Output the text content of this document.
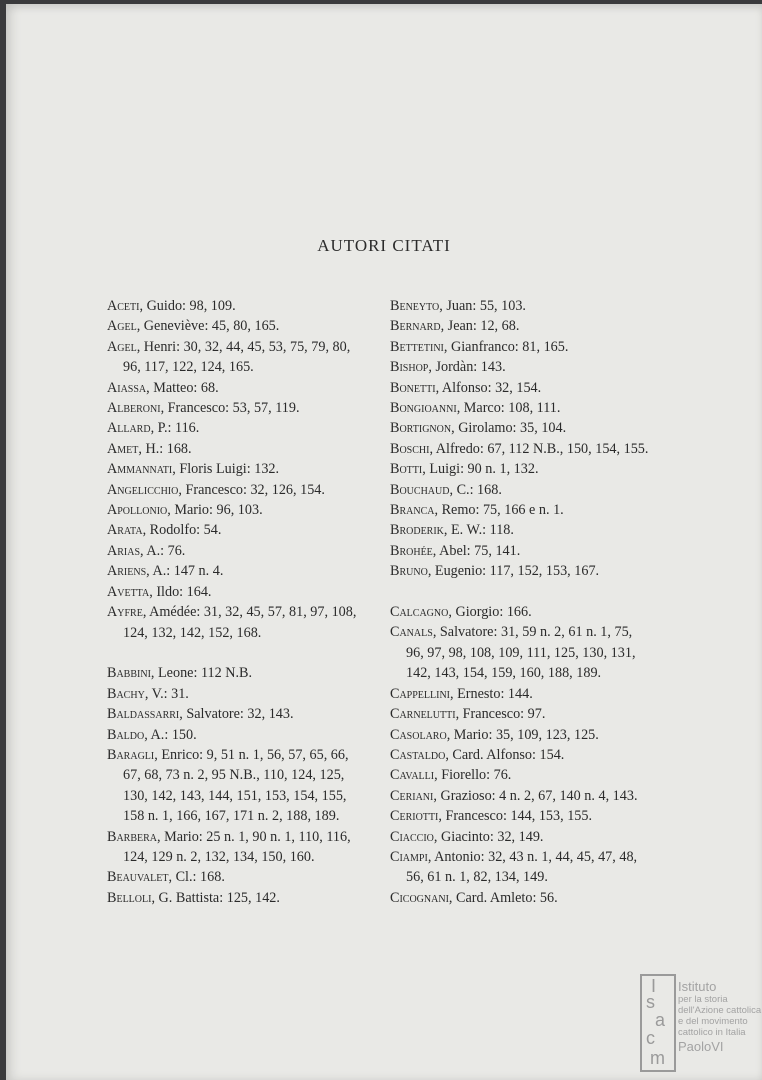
AUTORI CITATI
Aceti, Guido: 98, 109.
Agel, Geneviève: 45, 80, 165.
Agel, Henri: 30, 32, 44, 45, 53, 75, 79, 80, 96, 117, 122, 124, 165.
Aiassa, Matteo: 68.
Alberoni, Francesco: 53, 57, 119.
Allard, P.: 116.
Amet, H.: 168.
Ammannati, Floris Luigi: 132.
Angelicchio, Francesco: 32, 126, 154.
Apollonio, Mario: 96, 103.
Arata, Rodolfo: 54.
Arias, A.: 76.
Ariens, A.: 147 n. 4.
Avetta, Ildo: 164.
Ayfre, Amédée: 31, 32, 45, 57, 81, 97, 108, 124, 132, 142, 152, 168.
Babbini, Leone: 112 N.B.
Bachy, V.: 31.
Baldassarri, Salvatore: 32, 143.
Baldo, A.: 150.
Baragli, Enrico: 9, 51 n. 1, 56, 57, 65, 66, 67, 68, 73 n. 2, 95 N.B., 110, 124, 125, 130, 142, 143, 144, 151, 153, 154, 155, 158 n. 1, 166, 167, 171 n. 2, 188, 189.
Barbera, Mario: 25 n. 1, 90 n. 1, 110, 116, 124, 129 n. 2, 132, 134, 150, 160.
Beauvalet, Cl.: 168.
Belloli, G. Battista: 125, 142.
Beneyto, Juan: 55, 103.
Bernard, Jean: 12, 68.
Bettetini, Gianfranco: 81, 165.
Bishop, Jordàn: 143.
Bonetti, Alfonso: 32, 154.
Bongioanni, Marco: 108, 111.
Bortignon, Girolamo: 35, 104.
Boschi, Alfredo: 67, 112 N.B., 150, 154, 155.
Botti, Luigi: 90 n. 1, 132.
Bouchaud, C.: 168.
Branca, Remo: 75, 166 e n. 1.
Broderik, E. W.: 118.
Brohée, Abel: 75, 141.
Bruno, Eugenio: 117, 152, 153, 167.
Calcagno, Giorgio: 166.
Canals, Salvatore: 31, 59 n. 2, 61 n. 1, 75, 96, 97, 98, 108, 109, 111, 125, 130, 131, 142, 143, 154, 159, 160, 188, 189.
Cappellini, Ernesto: 144.
Carnelutti, Francesco: 97.
Casolaro, Mario: 35, 109, 123, 125.
Castaldo, Card. Alfonso: 154.
Cavalli, Fiorello: 76.
Ceriani, Grazioso: 4 n. 2, 67, 140 n. 4, 143.
Ceriotti, Francesco: 144, 153, 155.
Ciaccio, Giacinto: 32, 149.
Ciampi, Antonio: 32, 43 n. 1, 44, 45, 47, 48, 56, 61 n. 1, 82, 134, 149.
Cicognani, Card. Amleto: 56.
I
s
a
c
m
Istituto
per la storia
dell'Azione cattolica
e del movimento
cattolico in Italia
PaoloVI
